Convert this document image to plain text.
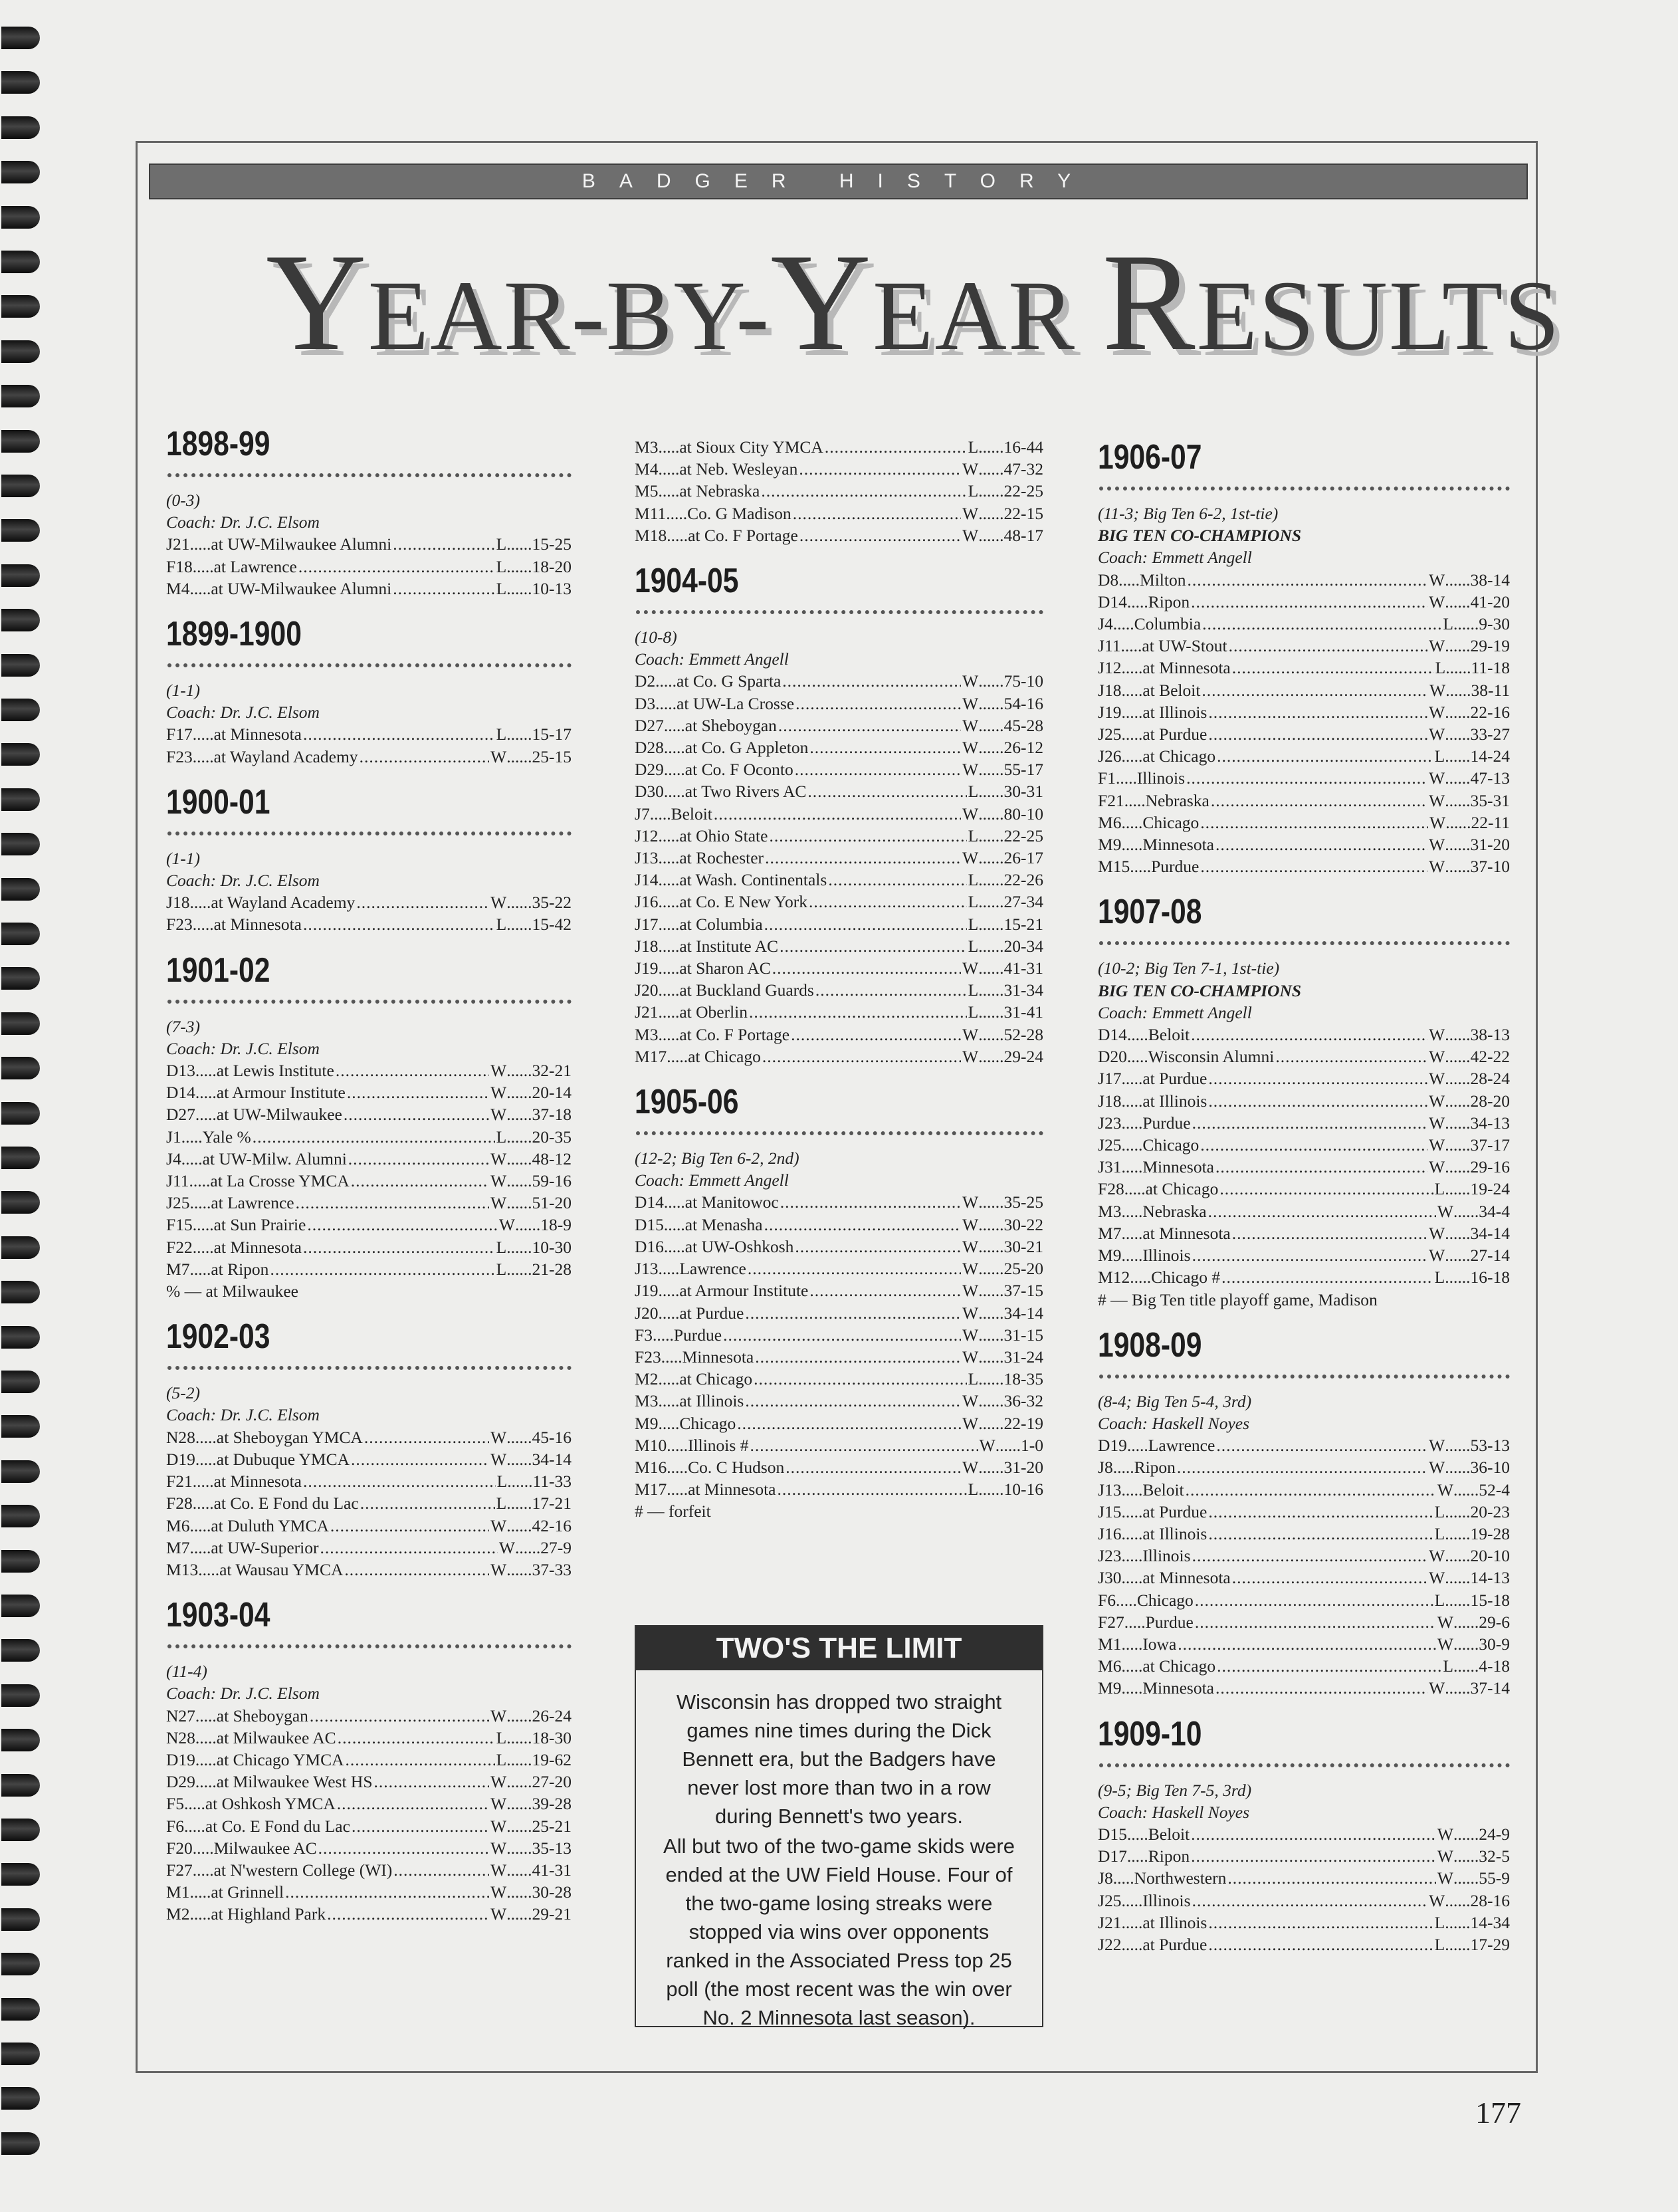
BADGER HISTORY
YEAR-BY-YEAR RESULTS
1898-99
(0-3)
Coach: Dr. J.C. Elsom
J 21 ..... at UW-Milwaukee Alumni .....	L ...... 15-25
F 18 ..... at Lawrence .....	L ...... 18-20
M 4 ..... at UW-Milwaukee Alumni .....	L ...... 10-13
1899-1900
(1-1)
Coach: Dr. J.C. Elsom
F 17 ..... at Minnesota .....	L ...... 15-17
F 23 ..... at Wayland Academy .....	W ...... 25-15
1900-01
(1-1)
Coach: Dr. J.C. Elsom
J 18 ..... at Wayland Academy .....	W ...... 35-22
F 23 ..... at Minnesota .....	L ...... 15-42
1901-02
(7-3)
Coach: Dr. J.C. Elsom
D 13 ..... at Lewis Institute .....	W ...... 32-21
D 14 ..... at Armour Institute .....	W ...... 20-14
D 27 ..... at UW-Milwaukee .....	W ...... 37-18
J 1 ..... Yale % .....	L ...... 20-35
J 4 ..... at UW-Milw. Alumni .....	W ...... 48-12
J 11 ..... at La Crosse YMCA .....	W ...... 59-16
J 25 ..... at Lawrence .....	W ...... 51-20
F 15 ..... at Sun Prairie .....	W ...... 18-9
F 22 ..... at Minnesota .....	L ...... 10-30
M 7 ..... at Ripon .....	L ...... 21-28
% — at Milwaukee
1902-03
(5-2)
Coach: Dr. J.C. Elsom
N 28 ..... at Sheboygan YMCA .....	W ...... 45-16
D 19 ..... at Dubuque YMCA .....	W ...... 34-14
F 21 ..... at Minnesota .....	L ...... 11-33
F 28 ..... at Co. E Fond du Lac .....	L ...... 17-21
M 6 ..... at Duluth YMCA .....	W ...... 42-16
M 7 ..... at UW-Superior .....	W ...... 27-9
M 13 ..... at Wausau YMCA .....	W ...... 37-33
1903-04
(11-4)
Coach: Dr. J.C. Elsom
N 27 ..... at Sheboygan .....	W ...... 26-24
N 28 ..... at Milwaukee AC .....	L ...... 18-30
D 19 ..... at Chicago YMCA .....	L ...... 19-62
D 29 ..... at Milwaukee West HS .....	W ...... 27-20
F 5 ..... at Oshkosh YMCA .....	W ...... 39-28
F 6 ..... at Co. E Fond du Lac .....	W ...... 25-21
F 20 ..... Milwaukee AC .....	W ...... 35-13
F 27 ..... at N'western College (WI) .....	W ...... 41-31
M 1 ..... at Grinnell .....	W ...... 30-28
M 2 ..... at Highland Park .....	W ...... 29-21
M 3 ..... at Sioux City YMCA .....	L ...... 16-44
M 4 ..... at Neb. Wesleyan .....	W ...... 47-32
M 5 ..... at Nebraska .....	L ...... 22-25
M 11 ..... Co. G Madison .....	W ...... 22-15
M 18 ..... at Co. F Portage .....	W ...... 48-17
1904-05
(10-8)
Coach: Emmett Angell
D 2 ..... at Co. G Sparta .....	W ...... 75-10
D 3 ..... at UW-La Crosse .....	W ...... 54-16
D 27 ..... at Sheboygan .....	W ...... 45-28
D 28 ..... at Co. G Appleton .....	W ...... 26-12
D 29 ..... at Co. F Oconto .....	W ...... 55-17
D 30 ..... at Two Rivers AC .....	L ...... 30-31
J 7 ..... Beloit .....	W ...... 80-10
J 12 ..... at Ohio State .....	L ...... 22-25
J 13 ..... at Rochester .....	W ...... 26-17
J 14 ..... at Wash. Continentals .....	L ...... 22-26
J 16 ..... at Co. E New York .....	L ...... 27-34
J 17 ..... at Columbia .....	L ...... 15-21
J 18 ..... at Institute AC .....	L ...... 20-34
J 19 ..... at Sharon AC .....	W ...... 41-31
J 20 ..... at Buckland Guards .....	L ...... 31-34
J 21 ..... at Oberlin .....	L ...... 31-41
M 3 ..... at Co. F Portage .....	W ...... 52-28
M 17 ..... at Chicago .....	W ...... 29-24
1905-06
(12-2; Big Ten 6-2, 2nd)
Coach: Emmett Angell
D 14 ..... at Manitowoc .....	W ...... 35-25
D 15 ..... at Menasha .....	W ...... 30-22
D 16 ..... at UW-Oshkosh .....	W ...... 30-21
J 13 ..... Lawrence .....	W ...... 25-20
J 19 ..... at Armour Institute .....	W ...... 37-15
J 20 ..... at Purdue .....	W ...... 34-14
F 3 ..... Purdue .....	W ...... 31-15
F 23 ..... Minnesota .....	W ...... 31-24
M 2 ..... at Chicago .....	L ...... 18-35
M 3 ..... at Illinois .....	W ...... 36-32
M 9 ..... Chicago .....	W ...... 22-19
M 10 ..... Illinois # .....	W ...... 1-0
M 16 ..... Co. C Hudson .....	W ...... 31-20
M 17 ..... at Minnesota .....	L ...... 10-16
# — forfeit
1906-07
(11-3; Big Ten 6-2, 1st-tie)
BIG TEN CO-CHAMPIONS
Coach: Emmett Angell
D 8 ..... Milton .....	W ...... 38-14
D 14 ..... Ripon .....	W ...... 41-20
J 4 ..... Columbia .....	L ...... 9-30
J 11 ..... at UW-Stout .....	W ...... 29-19
J 12 ..... at Minnesota .....	L ...... 11-18
J 18 ..... at Beloit .....	W ...... 38-11
J 19 ..... at Illinois .....	W ...... 22-16
J 25 ..... at Purdue .....	W ...... 33-27
J 26 ..... at Chicago .....	L ...... 14-24
F 1 ..... Illinois .....	W ...... 47-13
F 21 ..... Nebraska .....	W ...... 35-31
M 6 ..... Chicago .....	W ...... 22-11
M 9 ..... Minnesota .....	W ...... 31-20
M 15 ..... Purdue .....	W ...... 37-10
1907-08
(10-2; Big Ten 7-1, 1st-tie)
BIG TEN CO-CHAMPIONS
Coach: Emmett Angell
D 14 ..... Beloit .....	W ...... 38-13
D 20 ..... Wisconsin Alumni .....	W ...... 42-22
J 17 ..... at Purdue .....	W ...... 28-24
J 18 ..... at Illinois .....	W ...... 28-20
J 23 ..... Purdue .....	W ...... 34-13
J 25 ..... Chicago .....	W ...... 37-17
J 31 ..... Minnesota .....	W ...... 29-16
F 28 ..... at Chicago .....	L ...... 19-24
M 3 ..... Nebraska .....	W ...... 34-4
M 7 ..... at Minnesota .....	W ...... 34-14
M 9 ..... Illinois .....	W ...... 27-14
M 12 ..... Chicago # .....	L ...... 16-18
# — Big Ten title playoff game, Madison
1908-09
(8-4; Big Ten 5-4, 3rd)
Coach: Haskell Noyes
D 19 ..... Lawrence .....	W ...... 53-13
J 8 ..... Ripon .....	W ...... 36-10
J 13 ..... Beloit .....	W ...... 52-4
J 15 ..... at Purdue .....	L ...... 20-23
J 16 ..... at Illinois .....	L ...... 19-28
J 23 ..... Illinois .....	W ...... 20-10
J 30 ..... at Minnesota .....	W ...... 14-13
F 6 ..... Chicago .....	L ...... 15-18
F 27 ..... Purdue .....	W ...... 29-6
M 1 ..... Iowa .....	W ...... 30-9
M 6 ..... at Chicago .....	L ...... 4-18
M 9 ..... Minnesota .....	W ...... 37-14
1909-10
(9-5; Big Ten 7-5, 3rd)
Coach: Haskell Noyes
D 15 ..... Beloit .....	W ...... 24-9
D 17 ..... Ripon .....	W ...... 32-5
J 8 ..... Northwestern .....	W ...... 55-9
J 25 ..... Illinois .....	W ...... 28-16
J 21 ..... at Illinois .....	L ...... 14-34
J 22 ..... at Purdue .....	L ...... 17-29
TWO'S THE LIMIT

Wisconsin has dropped two straight games nine times during the Dick Bennett era, but the Badgers have never lost more than two in a row during Bennett's two years.

All but two of the two-game skids were ended at the UW Field House. Four of the two-game losing streaks were stopped via wins over opponents ranked in the Associated Press top 25 poll (the most recent was the win over No. 2 Minnesota last season).

177
